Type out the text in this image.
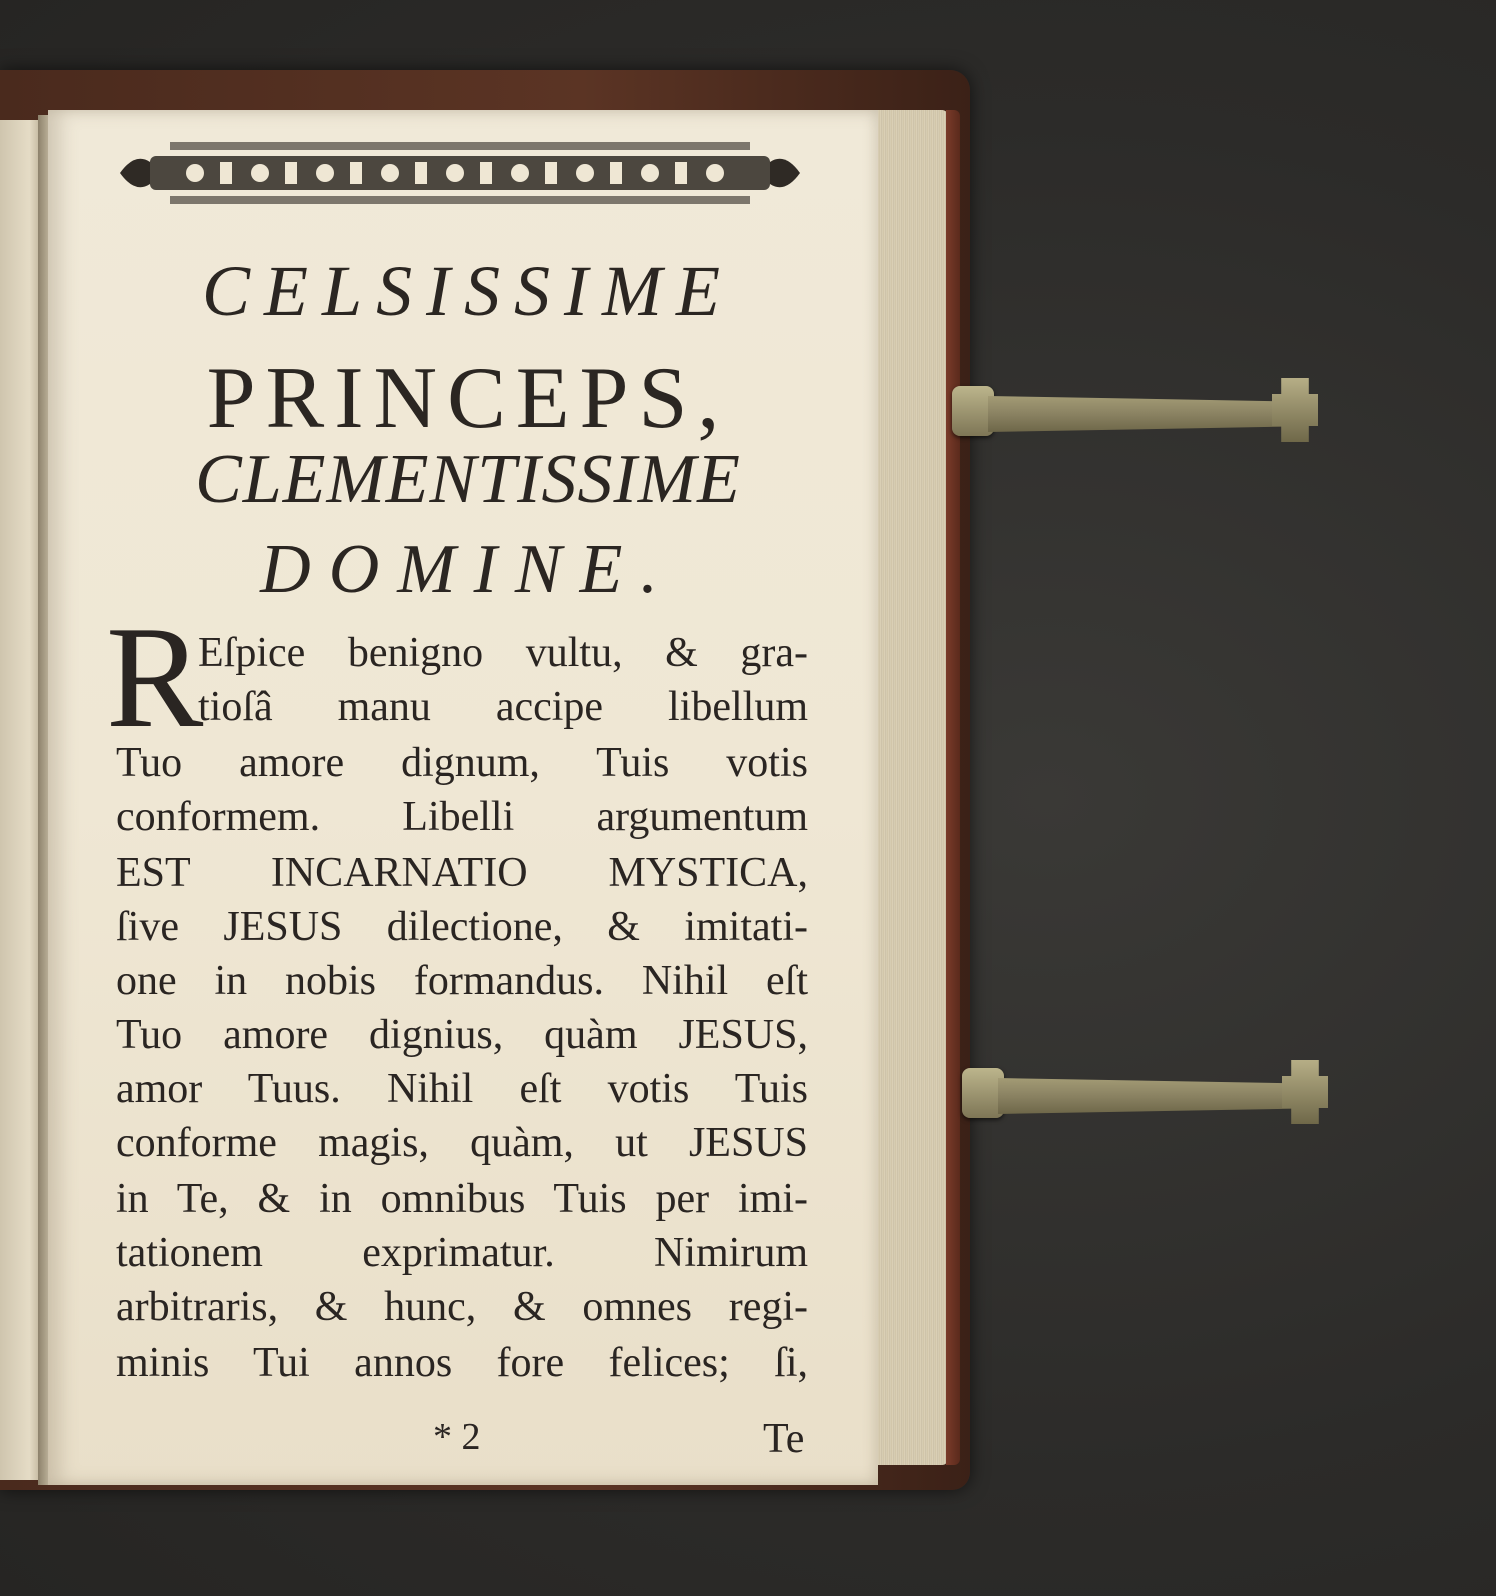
CELSISSIME
PRINCEPS,
CLEMENTISSIME
DOMINE.
R
Eſpice benigno vultu, & gra-
tioſâ manu accipe libellum
Tuo amore dignum, Tuis votis
conformem. Libelli argumentum
EST INCARNATIO MYSTICA,
ſive JESUS dilectione, & imitati-
one in nobis formandus. Nihil eſt
Tuo amore dignius, quàm JESUS,
amor Tuus. Nihil eſt votis Tuis
conforme magis, quàm, ut JESUS
in Te, & in omnibus Tuis per imi-
tationem exprimatur. Nimirum
arbitraris, & hunc, & omnes regi-
minis Tui annos fore felices; ſi,
* 2	Te
